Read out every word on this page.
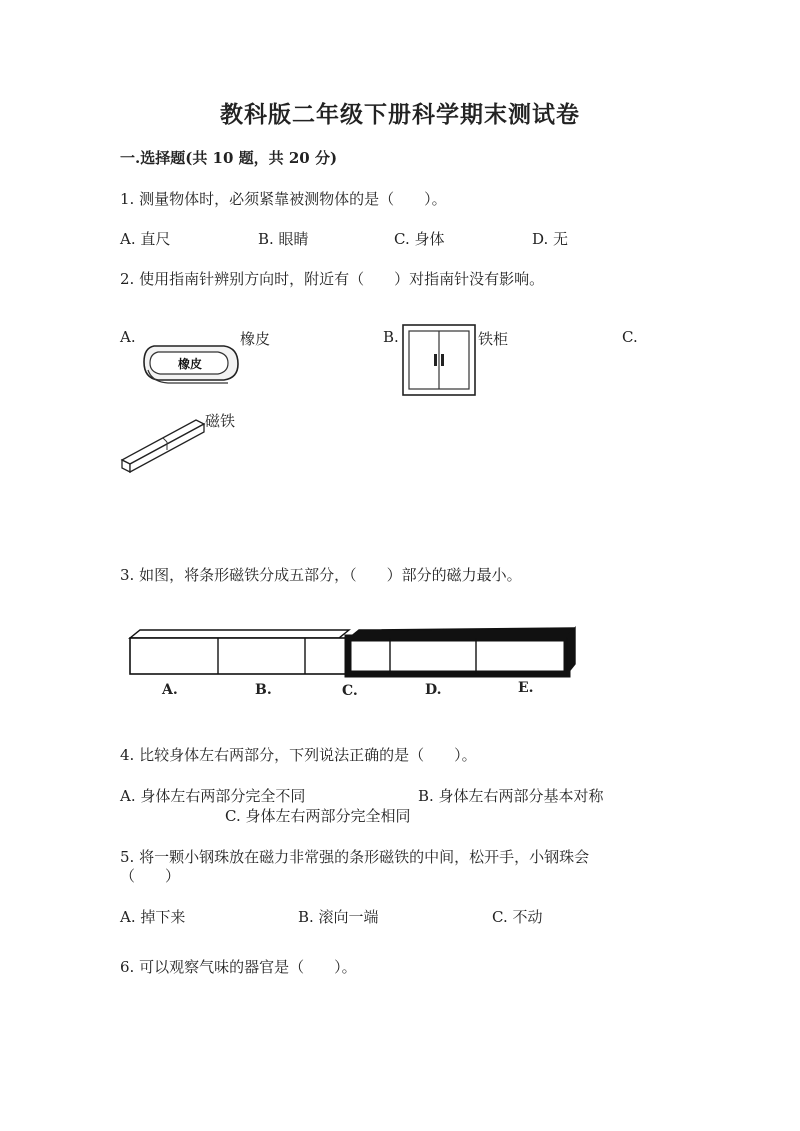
教科版二年级下册科学期末测试卷
一.选择题(共 10 题，共 20 分)
1. 测量物体时，必须紧靠被测物体的是（　　）。
A. 直尺	B. 眼睛	C. 身体	D. 无
2. 使用指南针辨别方向时，附近有（　　）对指南针没有影响。
A.	B.	C.
橡皮
橡皮	铁柜
磁铁
3. 如图，将条形磁铁分成五部分，（　　）部分的磁力最小。
A.	B.	C.	D.	E.
4. 比较身体左右两部分，下列说法正确的是（　　）。
A. 身体左右两部分完全不同	B. 身体左右两部分基本对称
C. 身体左右两部分完全相同
5. 将一颗小钢珠放在磁力非常强的条形磁铁的中间，松开手，小钢珠会
（　　）
A. 掉下来	B. 滚向一端	C. 不动
6. 可以观察气味的器官是（　　）。
